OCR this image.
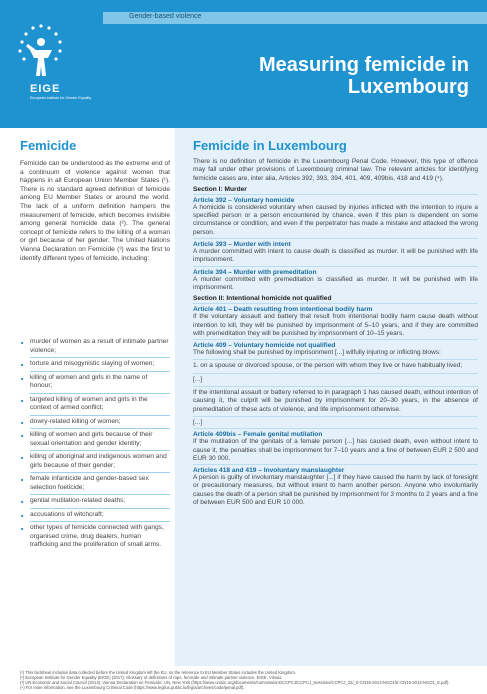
Gender-based violence
EIGE
European Institute for Gender Equality
Measuring femicide in Luxembourg
Femicide

Femicide can be understood as the extreme end of a continuum of violence against women that happens in all European Union Member States (¹). There is no standard agreed definition of femicide among EU Member States or around the world. The lack of a uniform definition hampers the measurement of femicide, which becomes invisible among general homicide data (²). The general concept of femicide refers to the killing of a woman or girl because of her gender. The United Nations Vienna Declaration on Femicide (³) was the first to identify different types of femicide, including:

■ murder of women as a result of intimate partner violence;
■ torture and misogynistic slaying of women;
■ killing of women and girls in the name of honour;
■ targeted killing of women and girls in the context of armed conflict;
■ dowry-related killing of women;
■ killing of women and girls because of their sexual orientation and gender identity;
■ killing of aboriginal and indigenous women and girls because of their gender;
■ female infanticide and gender-based sex selection foeticide;
■ genital mutilation-related deaths;
■ accusations of witchcraft;
■ other types of femicide connected with gangs, organised crime, drug dealers, human trafficking and the proliferation of small arms.
Femicide in Luxembourg

There is no definition of femicide in the Luxembourg Penal Code. However, this type of offence may fall under other provisions of Luxembourg criminal law. The relevant articles for identifying femicide cases are, inter alia, Articles 392, 393, 394, 401, 409, 409bis, 418 and 419 (⁴).

Section I: Murder
Article 392 – Voluntary homicide

A homicide is considered voluntary when caused by injuries inflicted with the intention to injure a specified person or a person encountered by chance, even if this plan is dependent on some circumstance or condition, and even if the perpetrator has made a mistake and attacked the wrong person.

Article 393 – Murder with intent

A murder committed with intent to cause death is classified as murder. It will be punished with life imprisonment.

Article 394 – Murder with premeditation

A murder committed with premeditation is classified as murder. It will be punished with life imprisonment.

Section II: Intentional homicide not qualified
Article 401 – Death resulting from intentional bodily harm

If the voluntary assault and battery that result from intentional bodily harm cause death without intention to kill, they will be punished by imprisonment of 5–10 years, and if they are committed with premeditation they will be punished by imprisonment of 10–15 years.

Article 409 – Voluntary homicide not qualified

The following shall be punished by imprisonment [...] wilfully injuring or inflicting blows:

1. on a spouse or divorced spouse, or the person with whom they live or have habitually lived;

[...]

If the intentional assault or battery referred to in paragraph 1 has caused death, without intention of causing it, the culprit will be punished by imprisonment for 20–30 years, in the absence of premeditation of these acts of violence, and life imprisonment otherwise.

[...]

Article 409bis – Female genital mutilation

If the mutilation of the genitals of a female person [...] has caused death, even without intent to cause it, the penalties shall be imprisonment for 7–10 years and a fine of between EUR 2 500 and EUR 30 000.

Articles 418 and 419 – Involuntary manslaughter

A person is guilty of involuntary manslaughter [...] if they have caused the harm by lack of foresight or precautionary measures, but without intent to harm another person. Anyone who involuntarily causes the death of a person shall be punished by imprisonment for 3 months to 2 years and a fine of between EUR 500 and EUR 10 000.

(¹) This factsheet includes data collected before the United Kingdom left the EU, so the reference to EU Member States includes the United Kingdom.
(²) European Institute for Gender Equality (EIGE) (2017), Glossary of definitions of rape, femicide and intimate partner violence, EIGE, Vilnius.
(³) UN Economic and Social Council (2013), Vienna Declaration on Femicide, UN, New York (https://www.unodc.org/documents/commissions/CCPCJ/CCPCJ_Sessions/CCPCJ_22/_E-CN15-2013-NGO1/E-CN15-2013-NGO1_E.pdf).
(⁴) For more information, see the Luxembourg Criminal Code (https://www.legilux.public.lu/leg/a/archives/code/penal.pdf).
